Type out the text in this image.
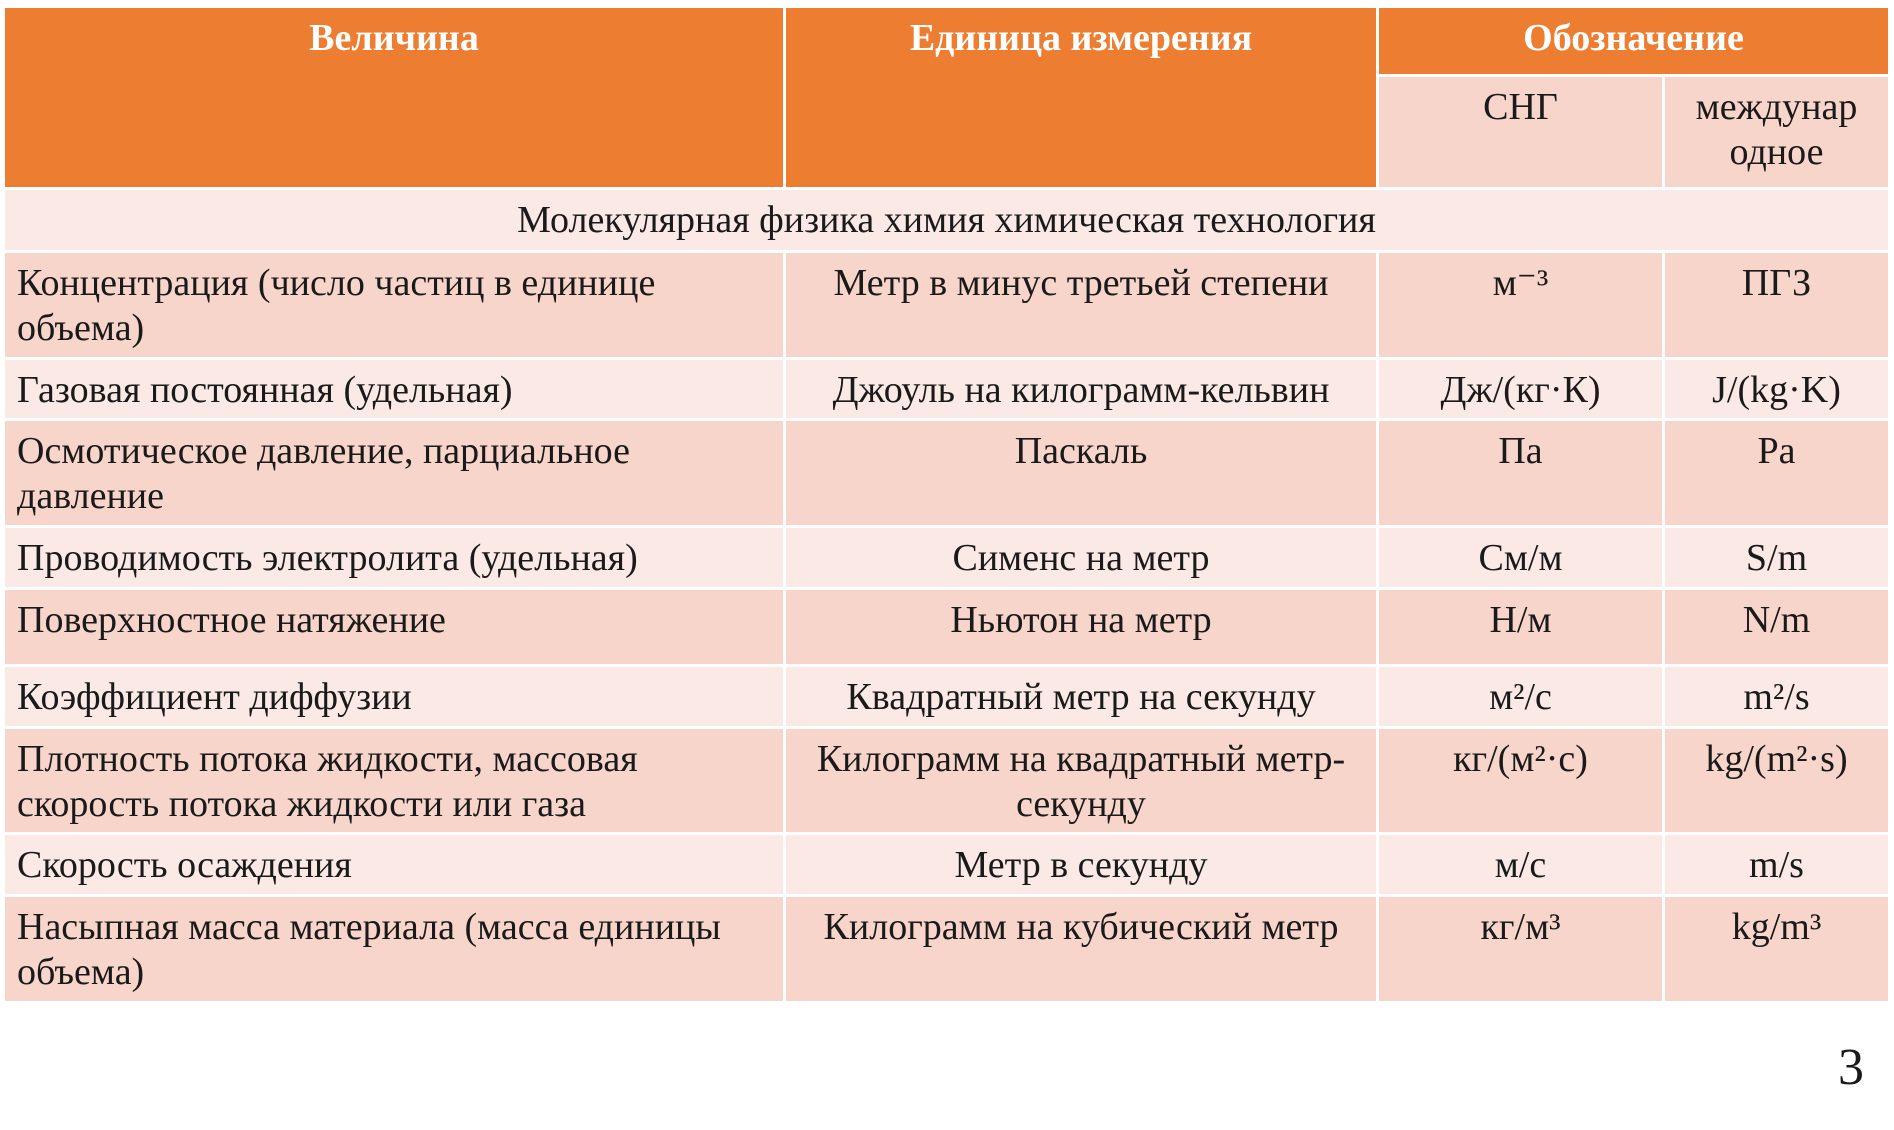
Величина	Единица измерения	Обозначение	
		СНГ	междунар одное
Молекулярная физика химия химическая технология			
Концентрация (число частиц в единице объема)	Метр в минус третьей степени	м⁻³	ПГЗ
Газовая постоянная (удельная)	Джоуль на килограмм-кельвин	Дж/(кг·К)	J/(kg·K)
Осмотическое давление, парциальное давление	Паскаль	Па	Pa
Проводимость электролита (удельная)	Сименс на метр	См/м	S/m
Поверхностное натяжение	Ньютон на метр	Н/м	N/m
Коэффициент диффузии	Квадратный метр на секунду	м²/с	m²/s
Плотность потока жидкости, массовая скорость потока жидкости или газа	Килограмм на квадратный метр-секунду	кг/(м²·с)	kg/(m²·s)
Скорость осаждения	Метр в секунду	м/с	m/s
Насыпная масса материала (масса единицы объема)	Килограмм на кубический метр	кг/м³	kg/m³
3
